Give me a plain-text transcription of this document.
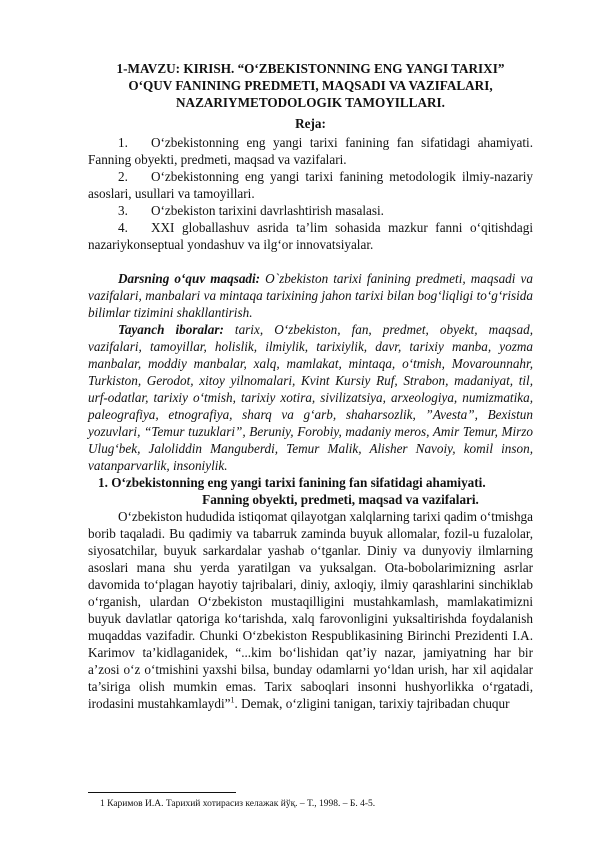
1-MAVZU: KIRISH. “O‘ZBEKISTONNING ENG YANGI TARIXI”

O‘QUV FANINING PREDMETI, MAQSADI VA VAZIFALARI,

NAZARIYMETODOLOGIK TAMOYILLARI.

Reja:
1. O‘zbekistonning eng yangi tarixi fanining fan sifatidagi ahamiyati. Fanning obyekti, predmeti, maqsad va vazifalari.
2. O‘zbekistonning eng yangi tarixi fanining metodologik ilmiy-nazariy asoslari, usullari va tamoyillari.
3. O‘zbekiston tarixini davrlashtirish masalasi.
4. XXI globallashuv asrida ta’lim sohasida mazkur fanni o‘qitishdagi nazariykonseptual yondashuv va ilg‘or innovatsiyalar.

Darsning o‘quv maqsadi: O`zbekiston tarixi fanining predmeti, maqsadi va vazifalari, manbalari va mintaqa tarixining jahon tarixi bilan bog‘liqligi to‘g‘risida bilimlar tizimini shakllantirish.

Tayanch iboralar: tarix, O‘zbekiston, fan, predmet, obyekt, maqsad, vazifalari, tamoyillar, holislik, ilmiylik, tarixiylik, davr, tarixiy manba, yozma manbalar, moddiy manbalar, xalq, mamlakat, mintaqa, o‘tmish, Movarounnahr, Turkiston, Gerodot, xitoy yilnomalari, Kvint Kursiy Ruf, Strabon, madaniyat, til, urf-odatlar, tarixiy o‘tmish, tarixiy xotira, sivilizatsiya, arxeologiya, numizmatika, paleografiya, etnografiya, sharq va g‘arb, shaharsozlik, ”Avesta”, Bexistun yozuvlari, “Temur tuzuklari”, Beruniy, Forobiy, madaniy meros, Amir Temur, Mirzo Ulug‘bek, Jaloliddin Manguberdi, Temur Malik, Alisher Navoiy, komil inson, vatanparvarlik, insoniylik.

1. O‘zbekistonning eng yangi tarixi fanining fan sifatidagi ahamiyati.

Fanning obyekti, predmeti, maqsad va vazifalari.

O‘zbekiston hududida istiqomat qilayotgan xalqlarning tarixi qadim o‘tmishga borib taqaladi. Bu qadimiy va tabarruk zaminda buyuk allomalar, fozil-u fuzalolar, siyosatchilar, buyuk sarkardalar yashab o‘tganlar. Diniy va dunyoviy ilmlarning asoslari mana shu yerda yaratilgan va yuksalgan. Ota-bobolarimizning asrlar davomida to‘plagan hayotiy tajribalari, diniy, axloqiy, ilmiy qarashlarini sinchiklab o‘rganish, ulardan O‘zbekiston mustaqilligini mustahkamlash, mamlakatimizni buyuk davlatlar qatoriga ko‘tarishda, xalq farovonligini yuksaltirishda foydalanish muqaddas vazifadir. Chunki O‘zbekiston Respublikasining Birinchi Prezidenti I.A. Karimov ta’kidlaganidek, “...kim bo‘lishidan qat’iy nazar, jamiyatning har bir a’zosi o‘z o‘tmishini yaxshi bilsa, bunday odamlarni yo‘ldan urish, har xil aqidalar ta’siriga olish mumkin emas. Tarix saboqlari insonni hushyorlikka o‘rgatadi, irodasini mustahkamlaydi”$^1$. Demak, o‘zligini tanigan, tarixiy tajribadan chuqur

1 Каримов И.А. Тарихий хотирасиз келажак йўқ. – Т., 1998. – Б. 4-5.
